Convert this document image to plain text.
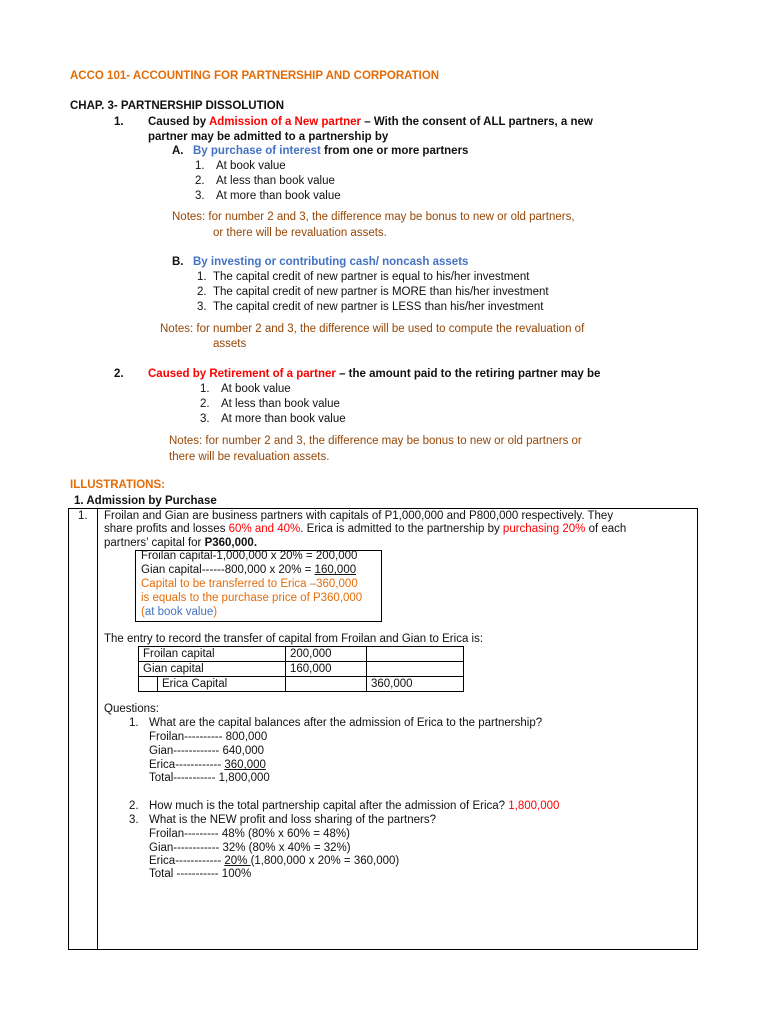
ACCO 101- ACCOUNTING FOR PARTNERSHIP AND CORPORATION
CHAP. 3- PARTNERSHIP DISSOLUTION
1. Caused by Admission of a New partner – With the consent of ALL partners, a new
partner may be admitted to a partnership by
A. By purchase of interest from one or more partners
1. At book value
2. At less than book value
3. At more than book value
Notes: for number 2 and 3, the difference may be bonus to new or old partners,
or there will be revaluation assets.
B. By investing or contributing cash/ noncash assets
1. The capital credit of new partner is equal to his/her investment
2. The capital credit of new partner is MORE than his/her investment
3. The capital credit of new partner is LESS than his/her investment
Notes: for number 2 and 3, the difference will be used to compute the revaluation of
assets
2. Caused by Retirement of a partner – the amount paid to the retiring partner may be
1. At book value
2. At less than book value
3. At more than book value
Notes: for number 2 and 3, the difference may be bonus to new or old partners or
there will be revaluation assets.
ILLUSTRATIONS:
1. Admission by Purchase
1. Froilan and Gian are business partners with capitals of P1,000,000 and P800,000 respectively. They
share profits and losses 60% and 40%. Erica is admitted to the partnership by purchasing 20% of each
partners’ capital for P360,000.
Froilan capital-1,000,000 x 20% = 200,000
Gian capital------800,000 x 20% = 160,000
Capital to be transferred to Erica –360,000
is equals to the purchase price of P360,000
(at book value)
The entry to record the transfer of capital from Froilan and Gian to Erica is:
Froilan capital		200,000	
Gian capital		160,000	
	Erica Capital		360,000
Questions:
1. What are the capital balances after the admission of Erica to the partnership?
Froilan---------- 800,000
Gian------------ 640,000
Erica------------ 360,000
Total----------- 1,800,000
2. How much is the total partnership capital after the admission of Erica? 1,800,000
3. What is the NEW profit and loss sharing of the partners?
Froilan--------- 48% (80% x 60% = 48%)
Gian------------ 32% (80% x 40% = 32%)
Erica------------ 20% (1,800,000 x 20% = 360,000)
Total ----------- 100%
